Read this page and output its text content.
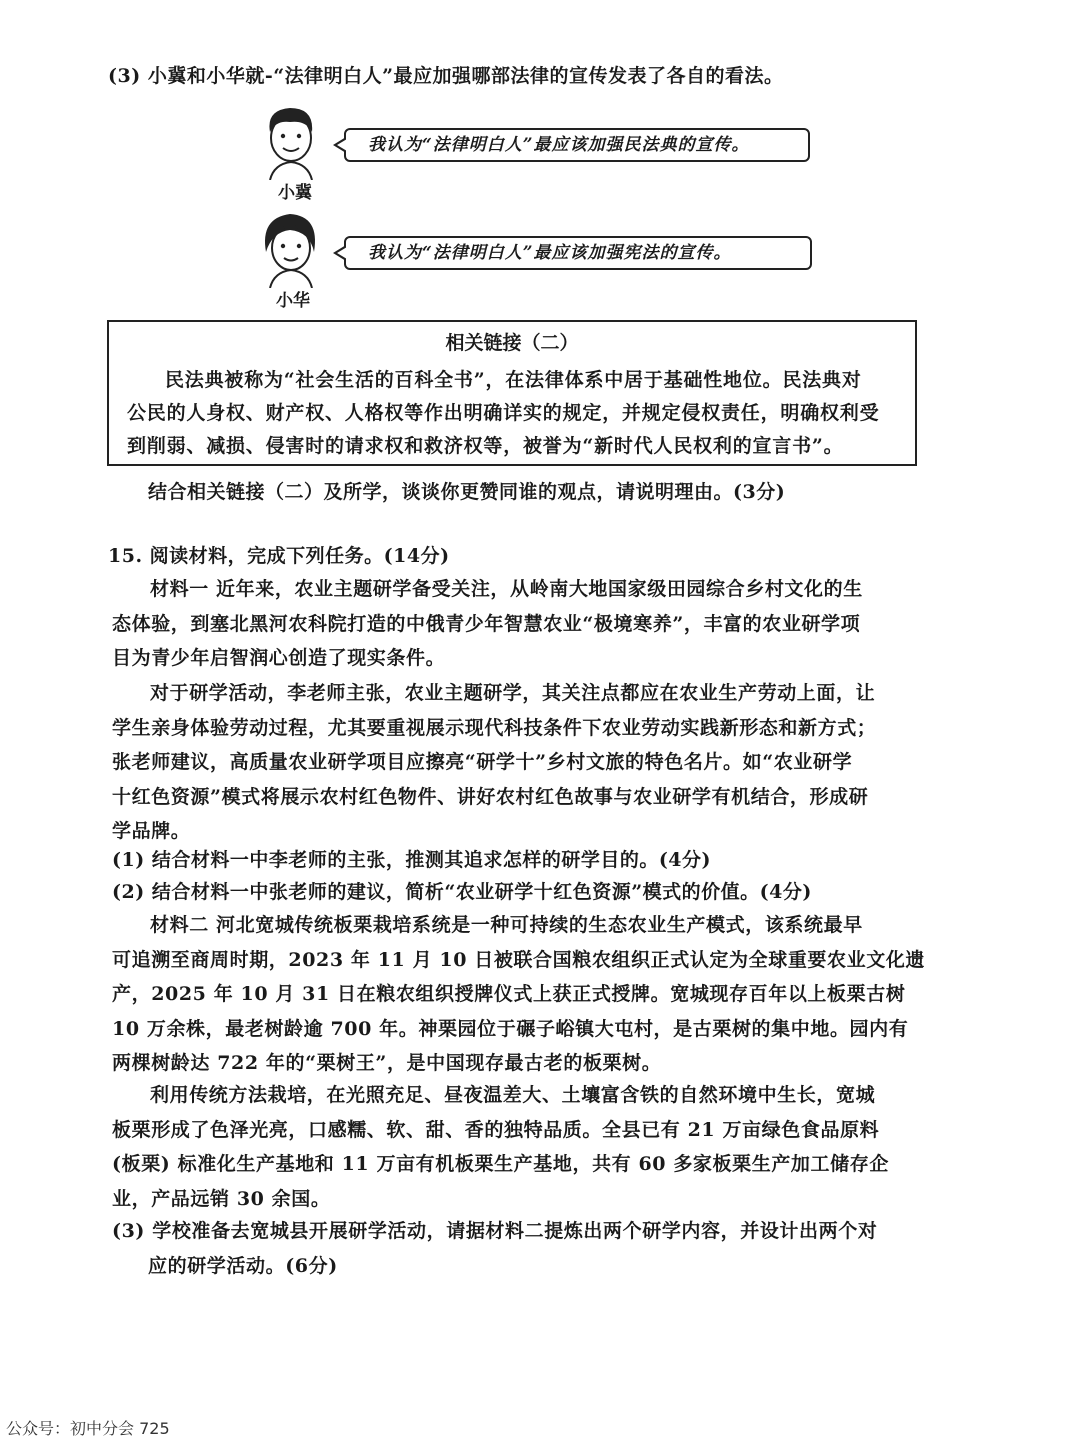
(3) 小冀和小华就-“法律明白人”最应加强哪部法律的宣传发表了各自的看法。
小冀
我认为“法律明白人”最应该加强民法典的宣传。
小华
我认为“法律明白人”最应该加强宪法的宣传。
相关链接（二）
民法典被称为“社会生活的百科全书”，在法律体系中居于基础性地位。民法典对
公民的人身权、财产权、人格权等作出明确详实的规定，并规定侵权责任，明确权利受
到削弱、减损、侵害时的请求权和救济权等，被誉为“新时代人民权利的宣言书”。
结合相关链接（二）及所学，谈谈你更赞同谁的观点，请说明理由。(3分)
15. 阅读材料，完成下列任务。(14分)
材料一 近年来，农业主题研学备受关注，从岭南大地国家级田园综合乡村文化的生
态体验，到塞北黑河农科院打造的中俄青少年智慧农业“极境寒养”，丰富的农业研学项
目为青少年启智润心创造了现实条件。
对于研学活动，李老师主张，农业主题研学，其关注点都应在农业生产劳动上面，让
学生亲身体验劳动过程，尤其要重视展示现代科技条件下农业劳动实践新形态和新方式；
张老师建议，高质量农业研学项目应擦亮“研学十”乡村文旅的特色名片。如“农业研学
十红色资源”模式将展示农村红色物件、讲好农村红色故事与农业研学有机结合，形成研
学品牌。
(1) 结合材料一中李老师的主张，推测其追求怎样的研学目的。(4分)
(2) 结合材料一中张老师的建议，简析“农业研学十红色资源”模式的价值。(4分)
材料二 河北宽城传统板栗栽培系统是一种可持续的生态农业生产模式，该系统最早
可追溯至商周时期，2023 年 11 月 10 日被联合国粮农组织正式认定为全球重要农业文化遗
产，2025 年 10 月 31 日在粮农组织授牌仪式上获正式授牌。宽城现存百年以上板栗古树
10 万余株，最老树龄逾 700 年。神栗园位于碾子峪镇大屯村，是古栗树的集中地。园内有
两棵树龄达 722 年的“栗树王”，是中国现存最古老的板栗树。
利用传统方法栽培，在光照充足、昼夜温差大、土壤富含铁的自然环境中生长，宽城
板栗形成了色泽光亮，口感糯、软、甜、香的独特品质。全县已有 21 万亩绿色食品原料
(板栗) 标准化生产基地和 11 万亩有机板栗生产基地，共有 60 多家板栗生产加工储存企
业，产品远销 30 余国。
(3) 学校准备去宽城县开展研学活动，请据材料二提炼出两个研学内容，并设计出两个对
应的研学活动。(6分)
公众号：初中分会 725
